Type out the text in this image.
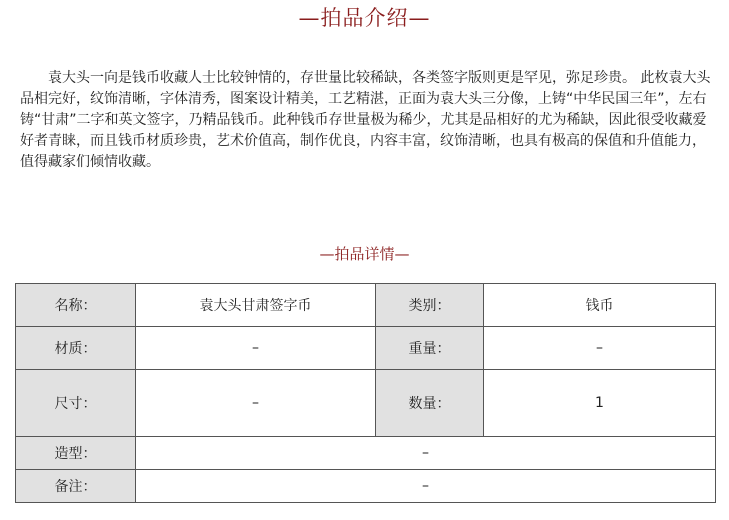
—拍品介绍—

袁大头一向是钱币收藏人士比较钟情的，存世量比较稀缺，各类签字版则更是罕见，弥足珍贵。 此枚袁大头品相完好，纹饰清晰，字体清秀，图案设计精美，工艺精湛，正面为袁大头三分像，上铸“中华民国三年”，左右铸“甘肃”二字和英文签字，乃精品钱币。此种钱币存世量极为稀少，尤其是品相好的尤为稀缺，因此很受收藏爱好者青睐，而且钱币材质珍贵，艺术价值高，制作优良，内容丰富，纹饰清晰，也具有极高的保值和升值能力，值得藏家们倾情收藏。

—拍品详情—
名称：	袁大头甘肃签字币	类别：	钱币
材质：	–	重量：	–
尺寸：	–	数量：	1
造型：	–		
备注：	–		
